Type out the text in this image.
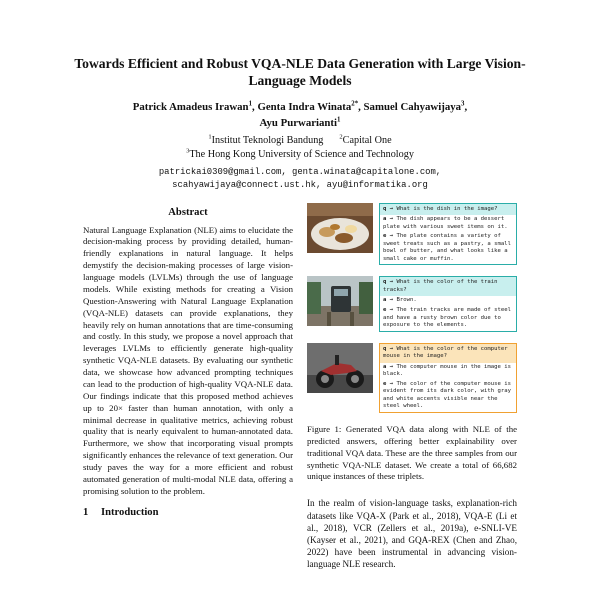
Towards Efficient and Robust VQA-NLE Data Generation with Large Vision-Language Models
Patrick Amadeus Irawan$^1$, Genta Indra Winata$^{2*}$, Samuel Cahyawijaya$^3$,
Ayu Purwarianti$^1$
$^1$Institut Teknologi Bandung $^2$Capital One
$^3$The Hong Kong University of Science and Technology
patrickai0309@gmail.com, genta.winata@capitalone.com,
scahyawijaya@connect.ust.hk, ayu@informatika.org
Abstract

Natural Language Explanation (NLE) aims to elucidate the decision-making process by providing detailed, human-friendly explanations in natural language. It helps demystify the decision-making processes of large vision-language models (LVLMs) through the use of language models. While existing methods for creating a Vision Question-Answering with Natural Language Explanation (VQA-NLE) datasets can provide explanations, they heavily rely on human annotations that are time-consuming and costly. In this study, we propose a novel approach that leverages LVLMs to efficiently generate high-quality synthetic VQA-NLE datasets. By evaluating our synthetic data, we showcase how advanced prompting techniques can lead to the production of high-quality VQA-NLE data. Our findings indicate that this proposed method achieves up to 20× faster than human annotation, with only a minimal decrease in qualitative metrics, achieving robust quality that is nearly equivalent to human-annotated data. Furthermore, we show that incorporating visual prompts significantly enhances the relevance of text generation. Our study paves the way for a more efficient and robust automated generation of multi-modal NLE data, offering a promising solution to the problem.

1 Introduction
q → What is the dish in the image?
a → The dish appears to be a dessert plate with various sweet items on it.
e → The plate contains a variety of sweet treats such as a pastry, a small bowl of butter, and what looks like a small cake or muffin.
q → What is the color of the train tracks?
a → Brown.
e → The train tracks are made of steel and have a rusty brown color due to exposure to the elements.
q → What is the color of the computer mouse in the image?
a → The computer mouse in the image is black.
e → The color of the computer mouse is evident from its dark color, with gray and white accents visible near the steel wheel.
Figure 1: Generated VQA data along with NLE of the predicted answers, offering better explainability over traditional VQA data. These are the three samples from our synthetic VQA-NLE dataset. We create a total of 66,682 unique instances of these triplets.

In the realm of vision-language tasks, explanation-rich datasets like VQA-X (Park et al., 2018), VQA-E (Li et al., 2018), VCR (Zellers et al., 2019a), e-SNLI-VE (Kayser et al., 2021), and GQA-REX (Chen and Zhao, 2022) have been instrumental in advancing vision-language NLE research.
